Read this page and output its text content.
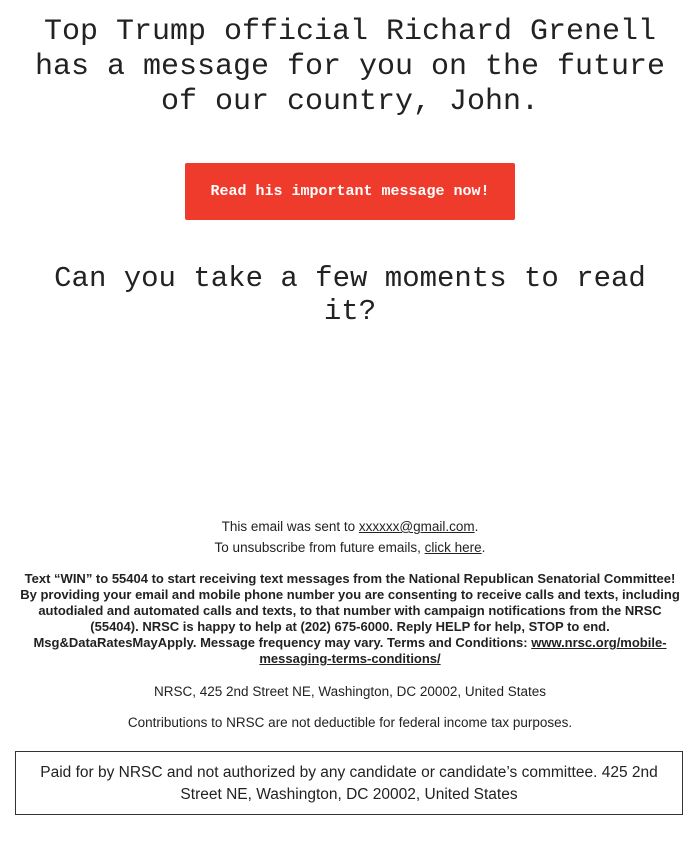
Top Trump official Richard Grenell has a message for you on the future of our country, John.
Read his important message now!
Can you take a few moments to read it?

This email was sent to xxxxxx@gmail.com.

To unsubscribe from future emails, click here.

Text “WIN” to 55404 to start receiving text messages from the National Republican Senatorial Committee! By providing your email and mobile phone number you are consenting to receive calls and texts, including autodialed and automated calls and texts, to that number with campaign notifications from the NRSC (55404). NRSC is happy to help at (202) 675-6000. Reply HELP for help, STOP to end. Msg&DataRatesMayApply. Message frequency may vary. Terms and Conditions: www.nrsc.org/mobile-messaging-terms-conditions/

NRSC, 425 2nd Street NE, Washington, DC 20002, United States

Contributions to NRSC are not deductible for federal income tax purposes.

Paid for by NRSC and not authorized by any candidate or candidate’s committee. 425 2nd Street NE, Washington, DC 20002, United States
